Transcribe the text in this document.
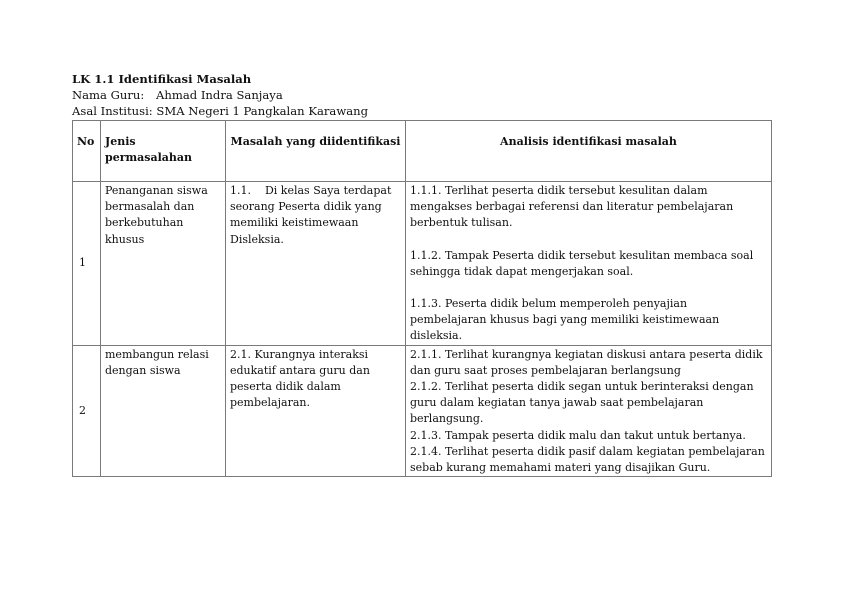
LK 1.1 Identifikasi Masalah
Nama Guru: Ahmad Indra Sanjaya
Asal Institusi: SMA Negeri 1 Pangkalan Karawang
No	Jenis permasalahan	Masalah yang diidentifikasi	Analisis identifikasi masalah
1	Penanganan siswa bermasalah dan berkebutuhan khusus	1.1.    Di kelas Saya terdapat seorang Peserta didik yang memiliki keistimewaan Disleksia.	1.1.1. Terlihat peserta didik tersebut kesulitan dalam mengakses berbagai referensi dan literatur pembelajaran berbentuk tulisan.

1.1.2. Tampak Peserta didik tersebut kesulitan membaca soal sehingga tidak dapat mengerjakan soal.

1.1.3. Peserta didik belum memperoleh penyajian pembelajaran khusus bagi yang memiliki keistimewaan disleksia.

2	membangun relasi dengan siswa	2.1. Kurangnya interaksi edukatif antara guru dan peserta didik dalam pembelajaran.	2.1.1. Terlihat kurangnya kegiatan diskusi antara peserta didik dan guru saat proses pembelajaran berlangsung

2.1.2. Terlihat peserta didik segan untuk berinteraksi dengan guru dalam kegiatan tanya jawab saat pembelajaran berlangsung.

2.1.3. Tampak peserta didik malu dan takut untuk bertanya.

2.1.4. Terlihat peserta didik pasif dalam kegiatan pembelajaran sebab kurang memahami materi yang disajikan Guru.
